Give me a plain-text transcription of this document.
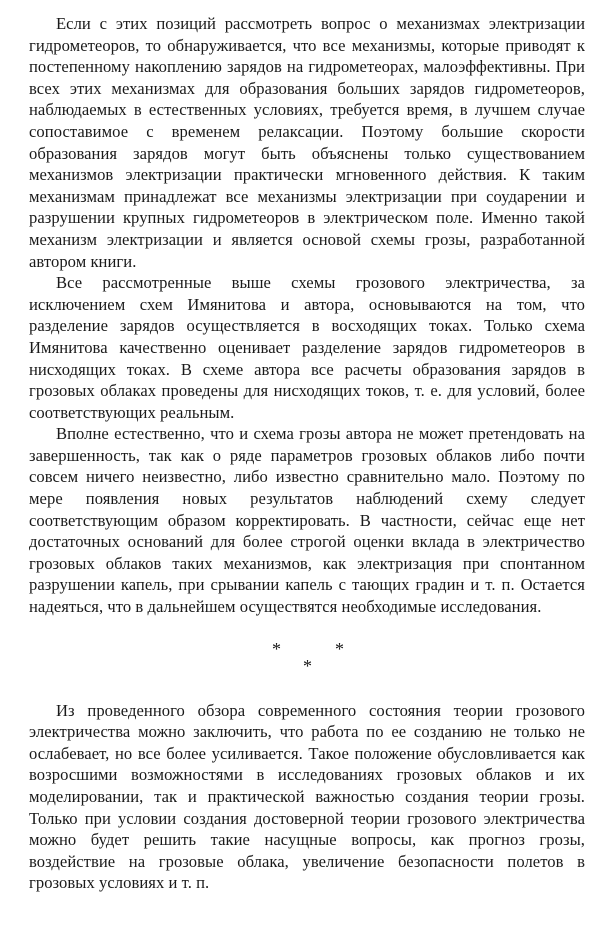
Если с этих позиций рассмотреть вопрос о механизмах электризации гидрометеоров, то обнаруживается, что все механизмы, которые приводят к постепенному накоплению зарядов на гидрометеорах, малоэффективны. При всех этих механизмах для образования больших зарядов гидрометеоров, наблюдаемых в естественных условиях, требуется время, в лучшем случае сопоставимое с временем релаксации. Поэтому большие скорости образования зарядов могут быть объяснены только существованием механизмов электризации практически мгновенного действия. К таким механизмам принадлежат все механизмы электризации при соударении и разрушении крупных гидрометеоров в электрическом поле. Именно такой механизм электризации и является основой схемы грозы, разработанной автором книги.

Все рассмотренные выше схемы грозового электричества, за исключением схем Имянитова и автора, основываются на том, что разделение зарядов осуществляется в восходящих токах. Только схема Имянитова качественно оценивает разделение зарядов гидрометеоров в нисходящих токах. В схеме автора все расчеты образования зарядов в грозовых облаках проведены для нисходящих токов, т. е. для условий, более соответствующих реальным.

Вполне естественно, что и схема грозы автора не может претендовать на завершенность, так как о ряде параметров грозовых облаков либо почти совсем ничего неизвестно, либо известно сравнительно мало. Поэтому по мере появления новых результатов наблюдений схему следует соответствующим образом корректировать. В частности, сейчас еще нет достаточных оснований для более строгой оценки вклада в электричество грозовых облаков таких механизмов, как электризация при спонтанном разрушении капель, при срывании капель с тающих градин и т. п. Остается надеяться, что в дальнейшем осуществятся необходимые исследования.

*	*
*

Из проведенного обзора современного состояния теории грозового электричества можно заключить, что работа по ее созданию не только не ослабевает, но все более усиливается. Такое положение обусловливается как возросшими возможностями в исследованиях грозовых облаков и их моделировании, так и практической важностью создания теории грозы. Только при условии создания достоверной теории грозового электричества можно будет решить такие насущные вопросы, как прогноз грозы, воздействие на грозовые облака, увеличение безопасности полетов в грозовых условиях и т. п.
